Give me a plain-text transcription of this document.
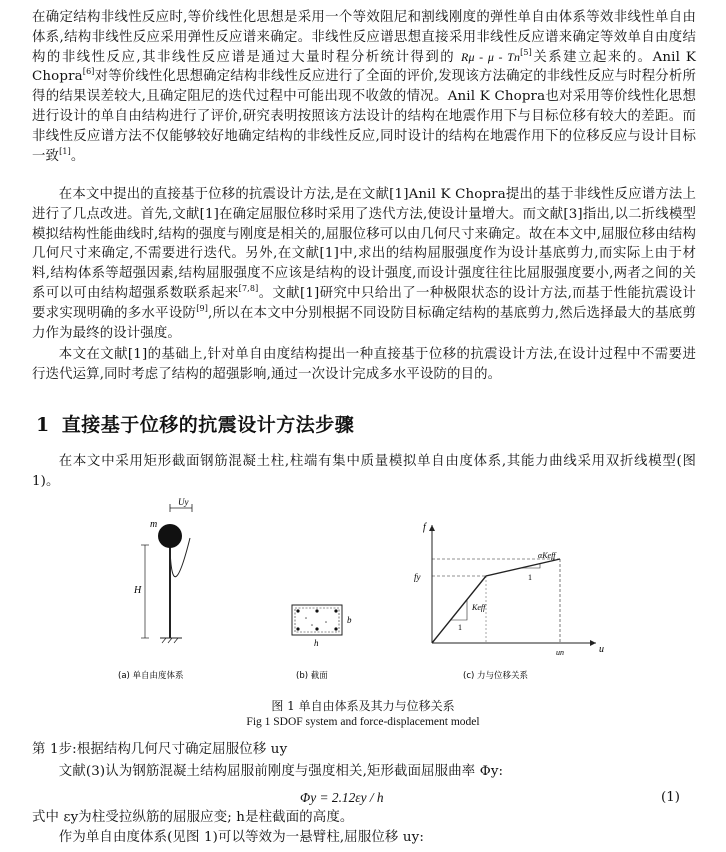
在确定结构非线性反应时,等价线性化思想是采用一个等效阻尼和割线刚度的弹性单自由体系等效非线性单自由体系,结构非线性反应采用弹性反应谱来确定。非线性反应谱思想直接采用非线性反应谱来确定等效单自由度结构的非线性反应,其非线性反应谱是通过大量时程分析统计得到的 Rμ - μ - Tn[5]关系建立起来的。Anil K Chopra[6]对等价线性化思想确定结构非线性反应进行了全面的评价,发现该方法确定的非线性反应与时程分析所得的结果误差较大,且确定阻尼的迭代过程中可能出现不收敛的情况。Anil K Chopra也对采用等价线性化思想进行设计的单自由结构进行了评价,研究表明按照该方法设计的结构在地震作用下与目标位移有较大的差距。而非线性反应谱方法不仅能够较好地确定结构的非线性反应,同时设计的结构在地震作用下的位移反应与设计目标一致[1]。
在本文中提出的直接基于位移的抗震设计方法,是在文献[1]Anil K Chopra提出的基于非线性反应谱方法上进行了几点改进。首先,文献[1]在确定屈服位移时采用了迭代方法,使设计量增大。而文献[3]指出,以二折线模型模拟结构性能曲线时,结构的强度与刚度是相关的,屈服位移可以由几何尺寸来确定。故在本文中,屈服位移由结构几何尺寸来确定,不需要进行迭代。另外,在文献[1]中,求出的结构屈服强度作为设计基底剪力,而实际上由于材料,结构体系等超强因素,结构屈服强度不应该是结构的设计强度,而设计强度往往比屈服强度要小,两者之间的关系可以可由结构超强系数联系起来[7,8]。文献[1]研究中只给出了一种极限状态的设计方法,而基于性能抗震设计要求实现明确的多水平设防[9],所以在本文中分别根据不同设防目标确定结构的基底剪力,然后选择最大的基底剪力作为最终的设计强度。
本文在文献[1]的基础上,针对单自由度结构提出一种直接基于位移的抗震设计方法,在设计过程中不需要进行迭代运算,同时考虑了结构的超强影响,通过一次设计完成多水平设防的目的。
1 直接基于位移的抗震设计方法步骤
在本文中采用矩形截面钢筋混凝土柱,柱端有集中质量模拟单自由度体系,其能力曲线采用双折线模型(图 1)。
Uy
m
H
(a) 单自由度体系
b
h
(b) 截面
f
u
fy
1
Keff
1
αKeff
un
(c) 力与位移关系
图 1 单自由体系及其力与位移关系
Fig 1 SDOF system and force-displacement model
第 1步:根据结构几何尺寸确定屈服位移 uy
文献(3)认为钢筋混凝土结构屈服前刚度与强度相关,矩形截面屈服曲率 Φy:
Φy = 2.12εy / h	(1)
式中 εy为柱受拉纵筋的屈服应变; h是柱截面的高度。
作为单自由度体系(见图 1)可以等效为一悬臂柱,屈服位移 uy:
